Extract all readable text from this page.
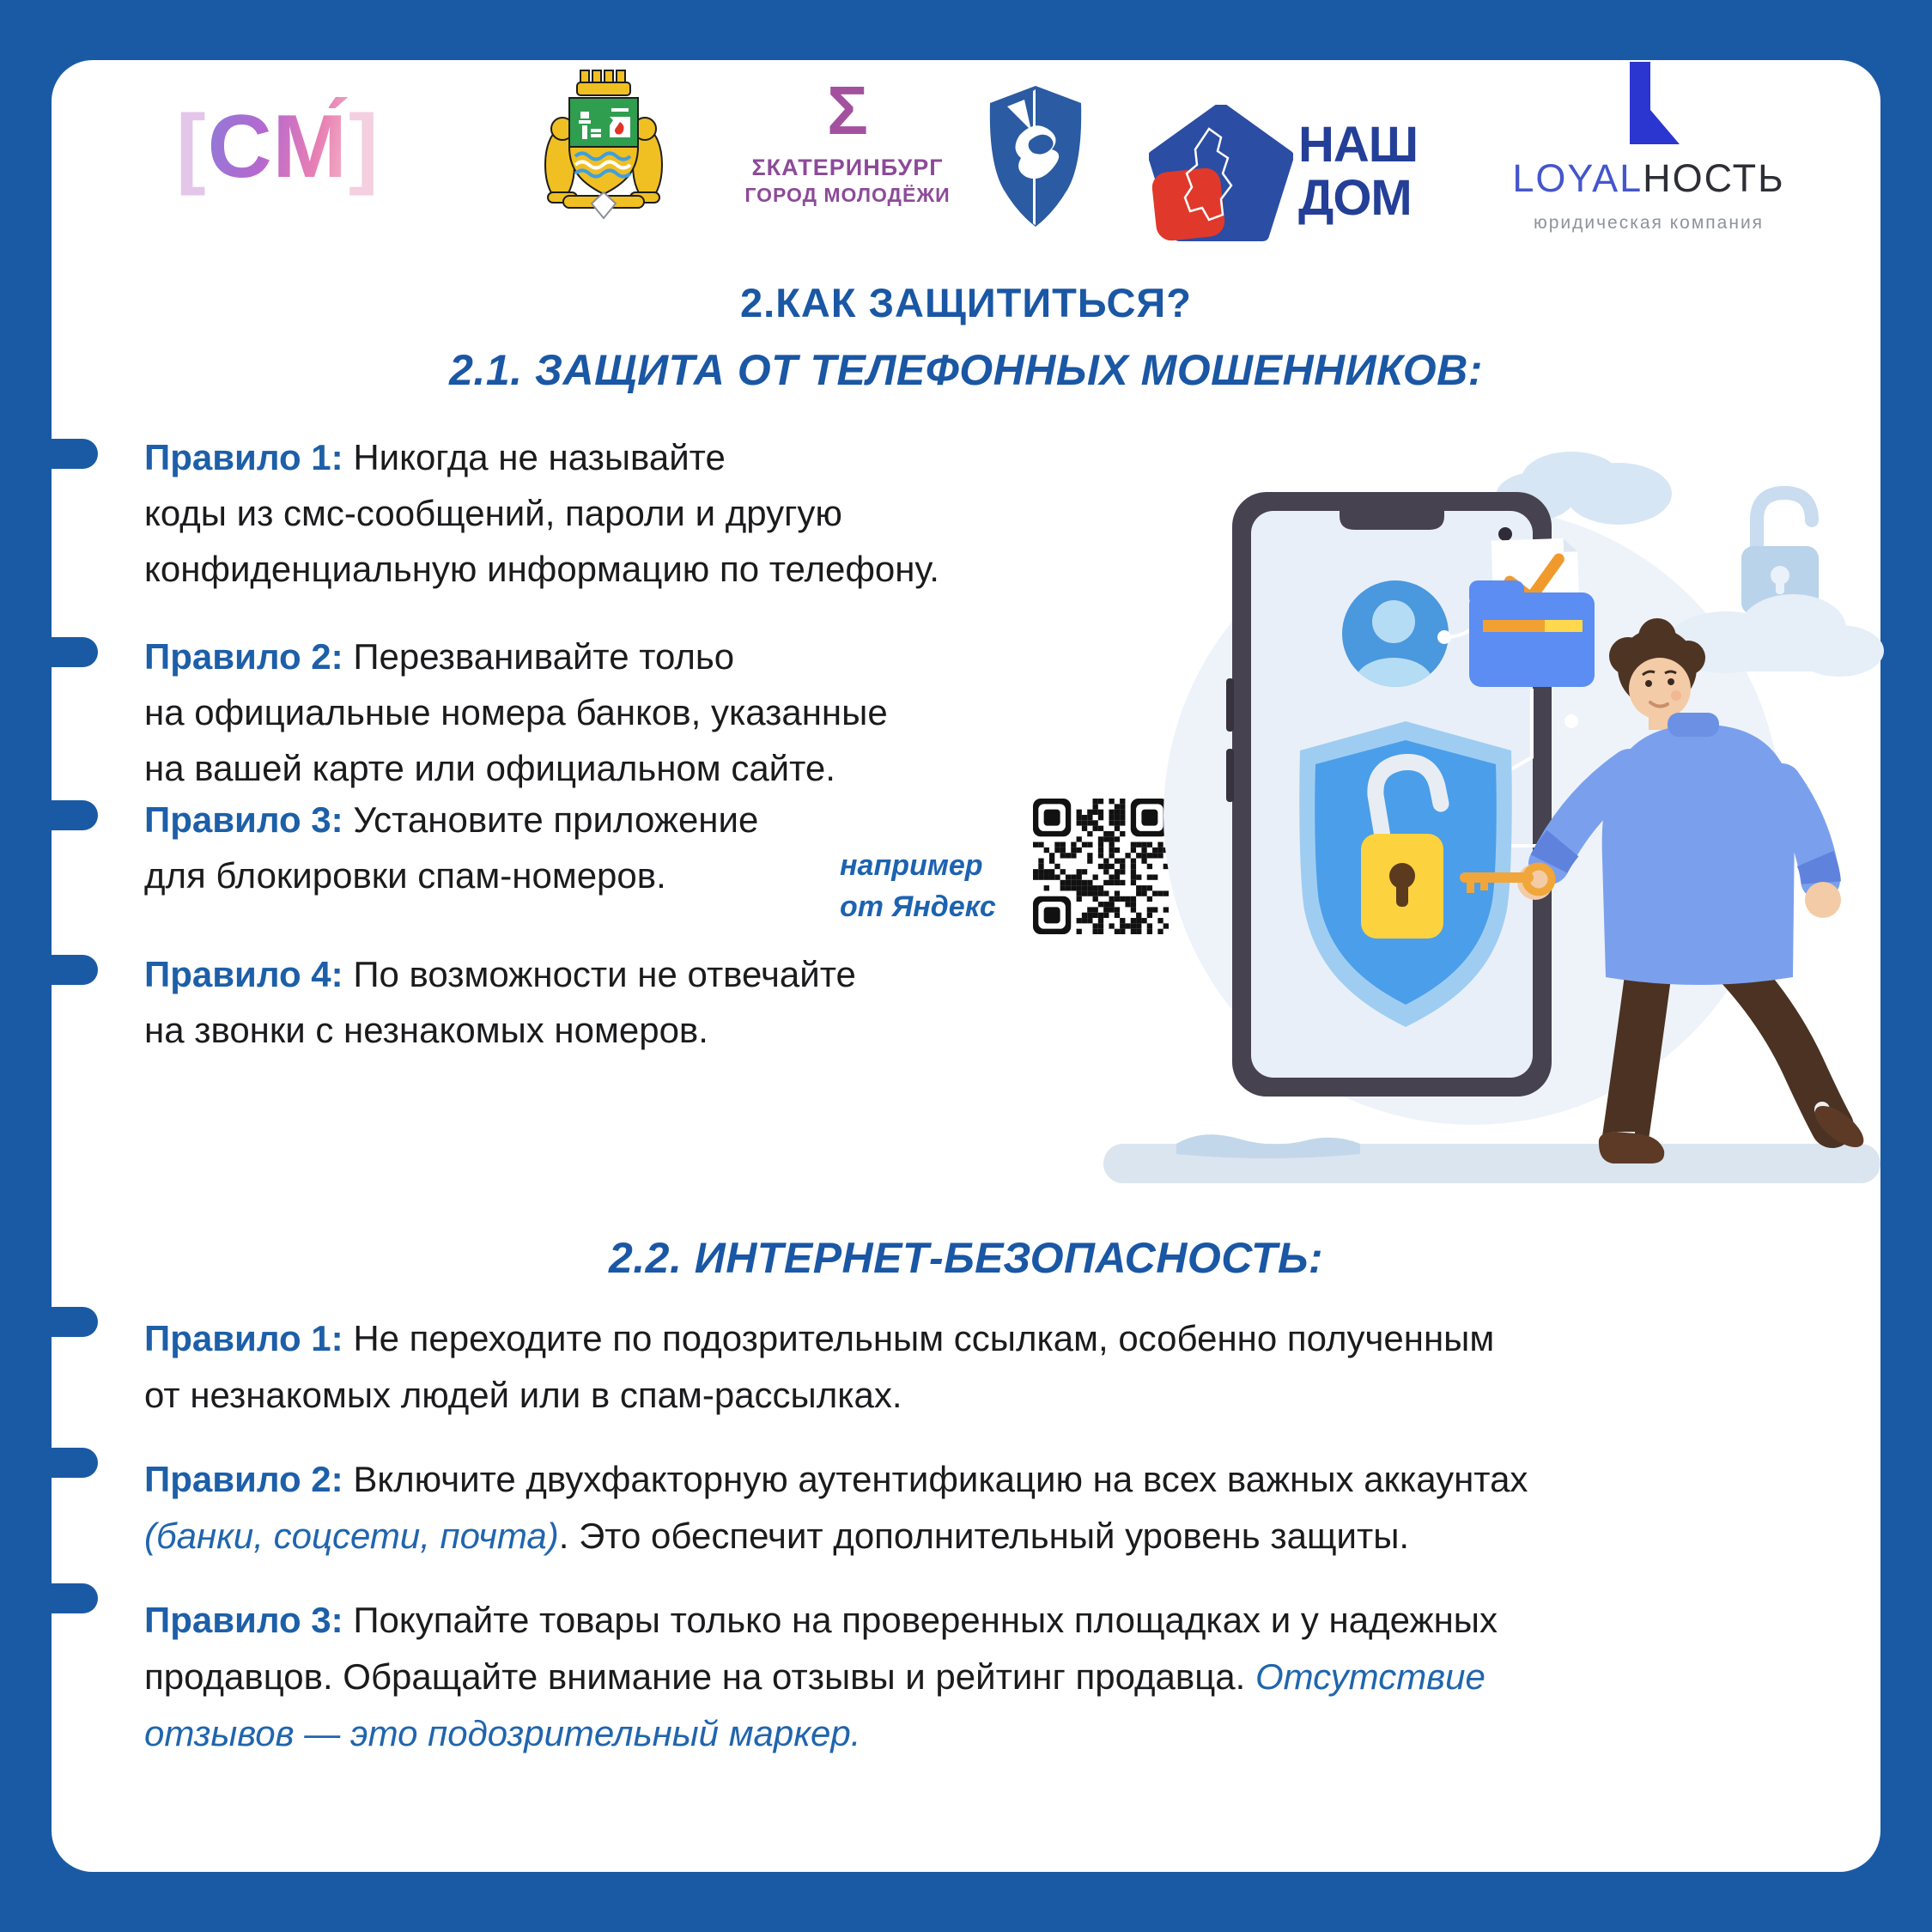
[СМ́]	Σ
ΣКАТЕРИНБУРГ
ГОРОД МОЛОДЁЖИ
НАШ
ДОМ	LOYALНОСТЬ
юридическая компания
2.КАК ЗАЩИТИТЬСЯ?
2.1. ЗАЩИТА ОТ ТЕЛЕФОННЫХ МОШЕННИКОВ:
2.2. ИНТЕРНЕТ-БЕЗОПАСНОСТЬ:
Правило 1: Никогда не называйте
коды из смс-сообщений, пароли и другую
конфиденциальную информацию по телефону.
Правило 2: Перезванивайте тольо
на официальные номера банков, указанные
на вашей карте или официальном сайте.
Правило 3: Установите приложение
для блокировки спам-номеров.
Правило 4: По возможности не отвечайте
на звонки с незнакомых номеров.
например
от Яндекс
Правило 1: Не переходите по подозрительным ссылкам, особенно полученным
от незнакомых людей или в спам-рассылках.
Правило 2: Включите двухфакторную аутентификацию на всех важных аккаунтах
(банки, соцсети, почта). Это обеспечит дополнительный уровень защиты.
Правило 3: Покупайте товары только на проверенных площадках и у надежных
продавцов. Обращайте внимание на отзывы и рейтинг продавца. Отсутствие
отзывов — это подозрительный маркер.
